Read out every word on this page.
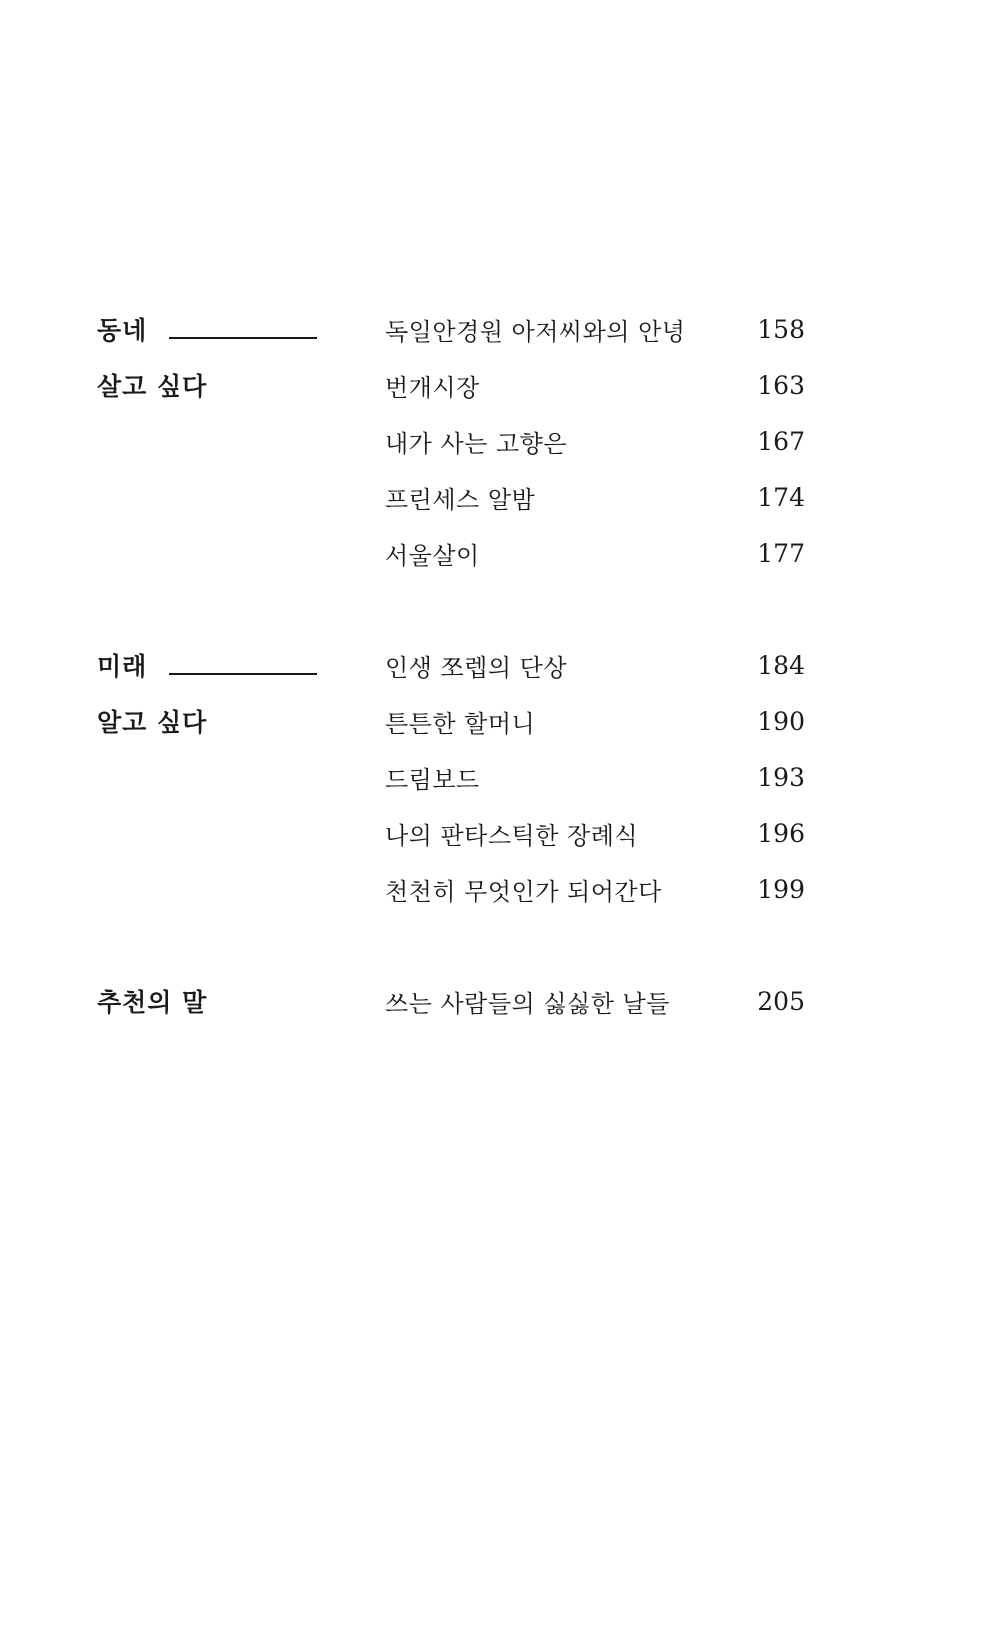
동네
살고 싶다
독일안경원 아저씨와의 안녕	158
번개시장	163
내가 사는 고향은	167
프린세스 알밤	174
서울살이	177
미래
알고 싶다
인생 쪼렙의 단상	184
튼튼한 할머니	190
드림보드	193
나의 판타스틱한 장례식	196
천천히 무엇인가 되어간다	199
추천의 말	쓰는 사람들의 싫싫한 날들	205
